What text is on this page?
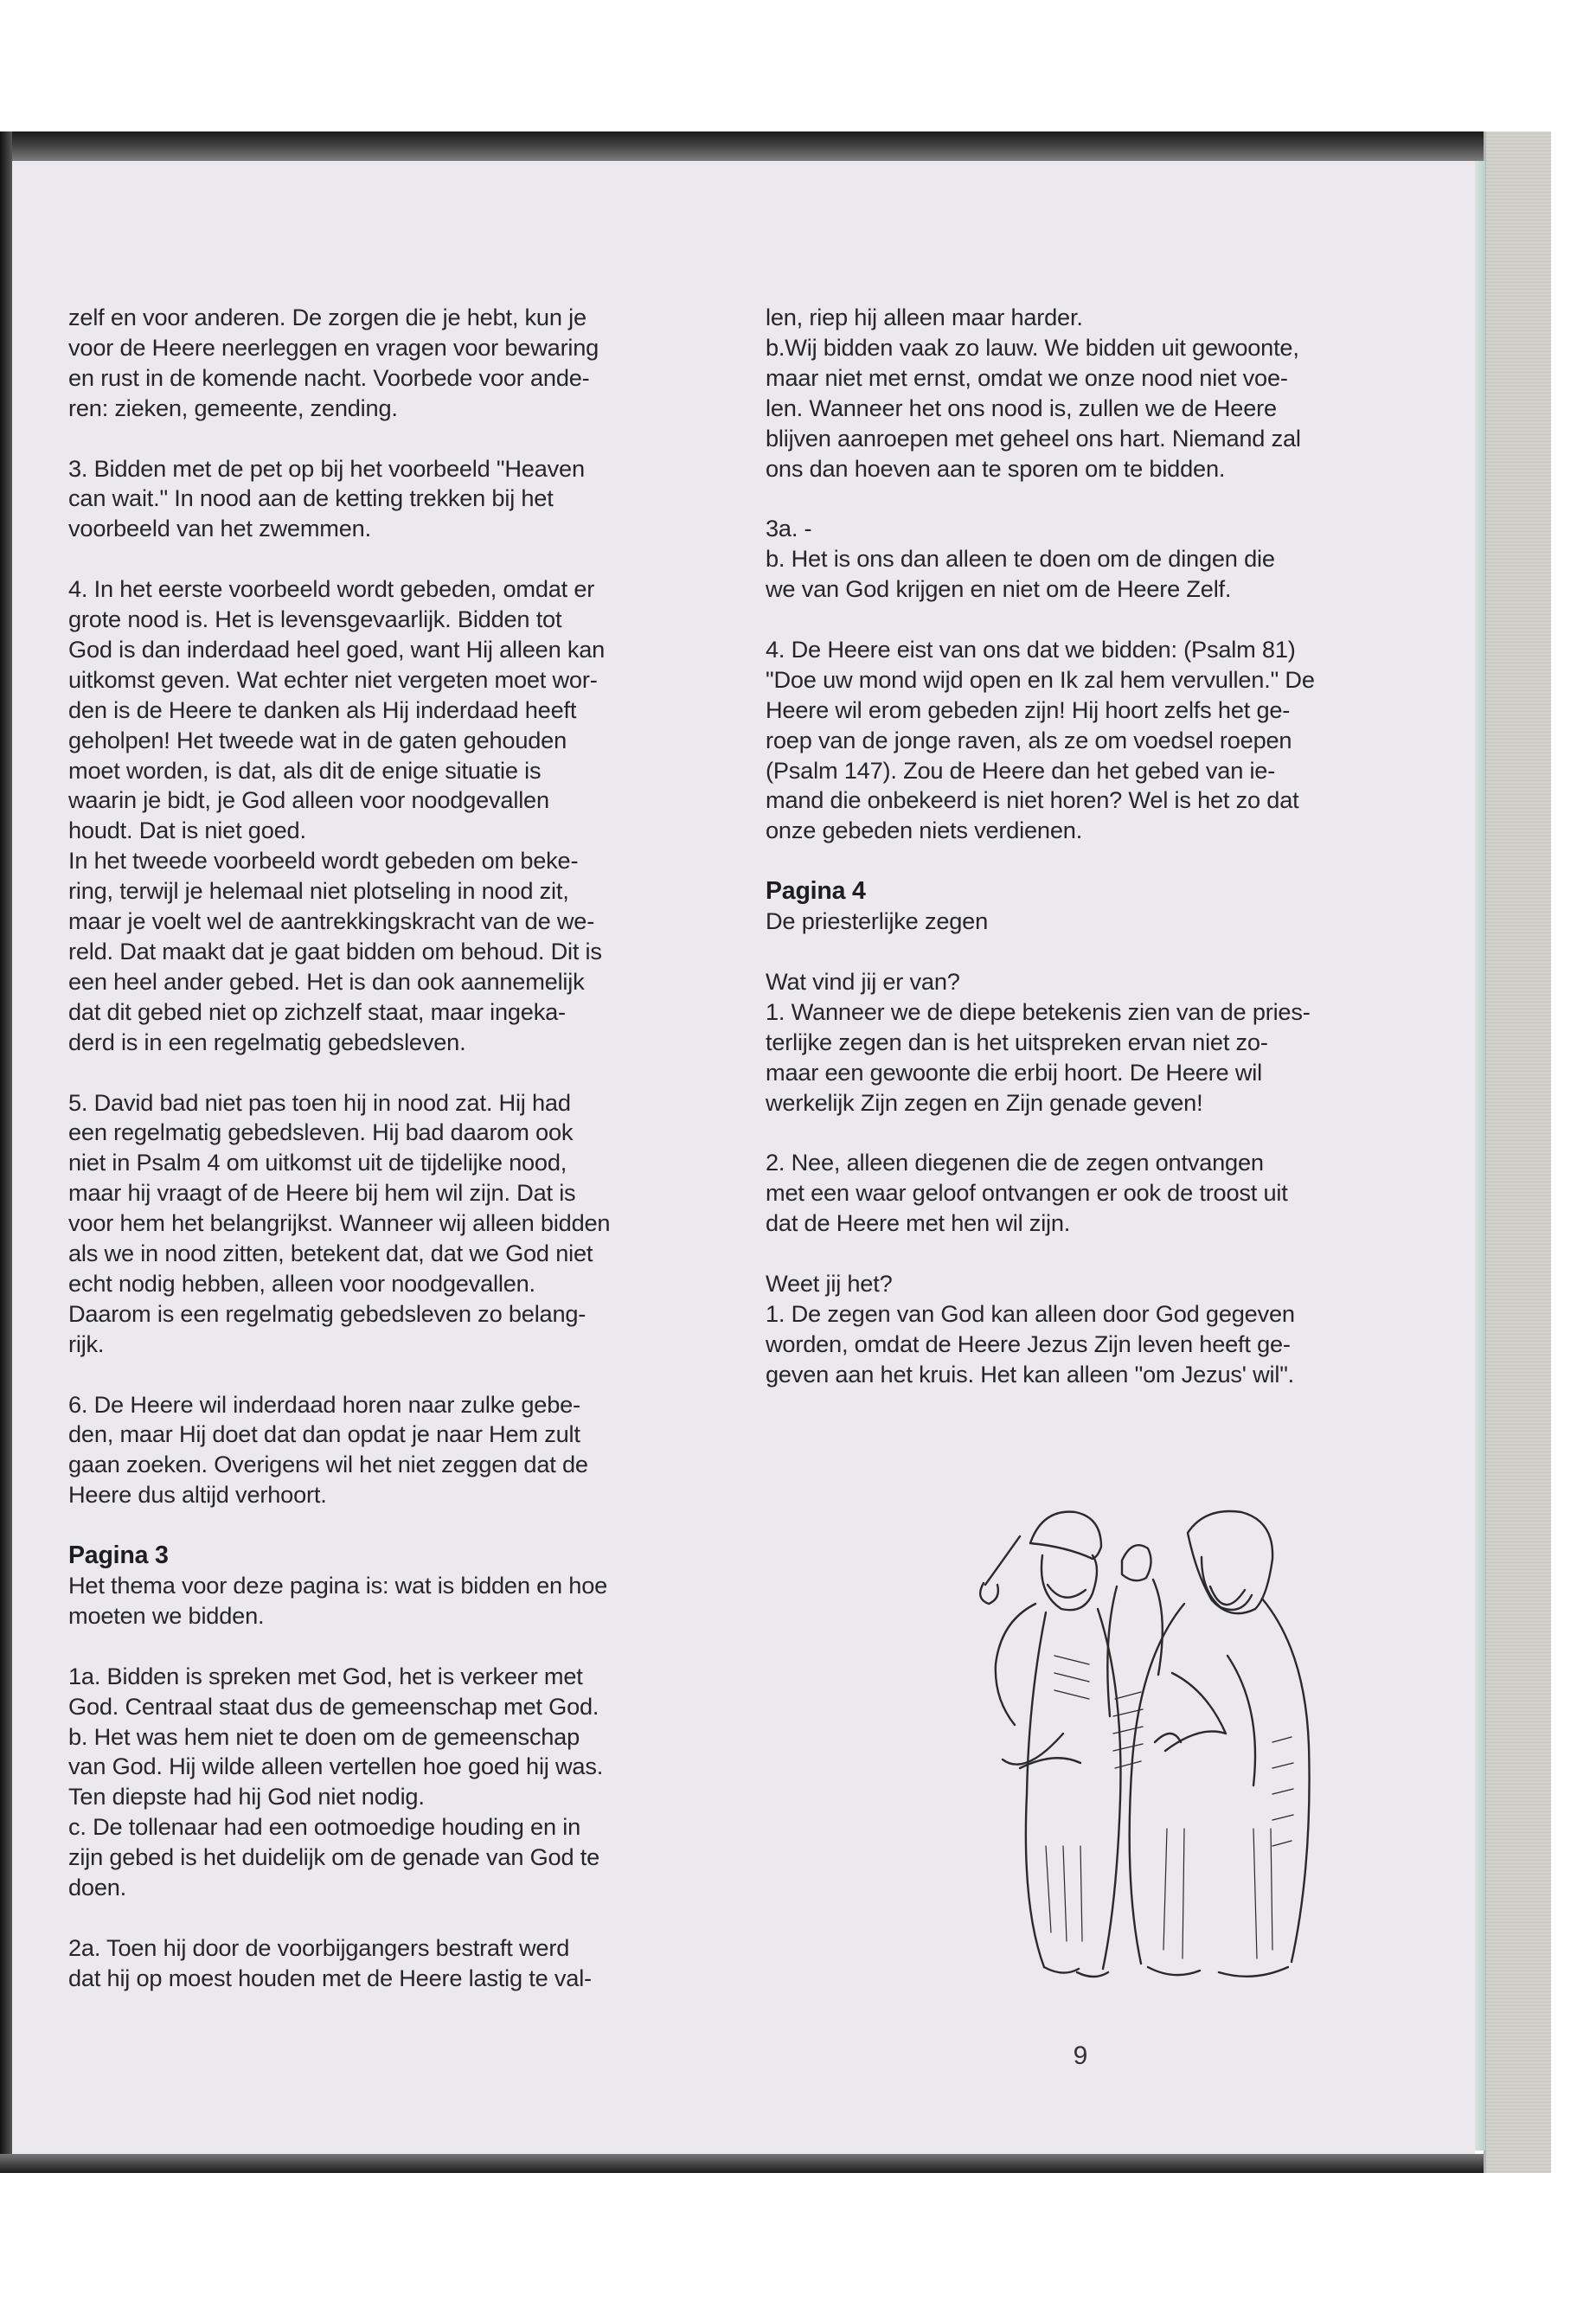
zelf en voor anderen. De zorgen die je hebt, kun je
voor de Heere neerleggen en vragen voor bewaring
en rust in de komende nacht. Voorbede voor ande-
ren: zieken, gemeente, zending.

3. Bidden met de pet op bij het voorbeeld "Heaven
can wait." In nood aan de ketting trekken bij het
voorbeeld van het zwemmen.

4. In het eerste voorbeeld wordt gebeden, omdat er
grote nood is. Het is levensgevaarlijk. Bidden tot
God is dan inderdaad heel goed, want Hij alleen kan
uitkomst geven. Wat echter niet vergeten moet wor-
den is de Heere te danken als Hij inderdaad heeft
geholpen! Het tweede wat in de gaten gehouden
moet worden, is dat, als dit de enige situatie is
waarin je bidt, je God alleen voor noodgevallen
houdt. Dat is niet goed.

In het tweede voorbeeld wordt gebeden om beke-
ring, terwijl je helemaal niet plotseling in nood zit,
maar je voelt wel de aantrekkingskracht van de we-
reld. Dat maakt dat je gaat bidden om behoud. Dit is
een heel ander gebed. Het is dan ook aannemelijk
dat dit gebed niet op zichzelf staat, maar ingeka-
derd is in een regelmatig gebedsleven.

5. David bad niet pas toen hij in nood zat. Hij had
een regelmatig gebedsleven. Hij bad daarom ook
niet in Psalm 4 om uitkomst uit de tijdelijke nood,
maar hij vraagt of de Heere bij hem wil zijn. Dat is
voor hem het belangrijkst. Wanneer wij alleen bidden
als we in nood zitten, betekent dat, dat we God niet
echt nodig hebben, alleen voor noodgevallen.
Daarom is een regelmatig gebedsleven zo belang-
rijk.

6. De Heere wil inderdaad horen naar zulke gebe-
den, maar Hij doet dat dan opdat je naar Hem zult
gaan zoeken. Overigens wil het niet zeggen dat de
Heere dus altijd verhoort.

Pagina 3

Het thema voor deze pagina is: wat is bidden en hoe
moeten we bidden.

1a. Bidden is spreken met God, het is verkeer met
God. Centraal staat dus de gemeenschap met God.
b. Het was hem niet te doen om de gemeenschap
van God. Hij wilde alleen vertellen hoe goed hij was.
Ten diepste had hij God niet nodig.
c. De tollenaar had een ootmoedige houding en in
zijn gebed is het duidelijk om de genade van God te
doen.

2a. Toen hij door de voorbijgangers bestraft werd
dat hij op moest houden met de Heere lastig te val-

len, riep hij alleen maar harder.
b.Wij bidden vaak zo lauw. We bidden uit gewoonte,
maar niet met ernst, omdat we onze nood niet voe-
len. Wanneer het ons nood is, zullen we de Heere
blijven aanroepen met geheel ons hart. Niemand zal
ons dan hoeven aan te sporen om te bidden.

3a. -
b. Het is ons dan alleen te doen om de dingen die
we van God krijgen en niet om de Heere Zelf.

4. De Heere eist van ons dat we bidden: (Psalm 81)
"Doe uw mond wijd open en Ik zal hem vervullen." De
Heere wil erom gebeden zijn! Hij hoort zelfs het ge-
roep van de jonge raven, als ze om voedsel roepen
(Psalm 147). Zou de Heere dan het gebed van ie-
mand die onbekeerd is niet horen? Wel is het zo dat
onze gebeden niets verdienen.

Pagina 4

De priesterlijke zegen

Wat vind jij er van?
1. Wanneer we de diepe betekenis zien van de pries-
terlijke zegen dan is het uitspreken ervan niet zo-
maar een gewoonte die erbij hoort. De Heere wil
werkelijk Zijn zegen en Zijn genade geven!

2. Nee, alleen diegenen die de zegen ontvangen
met een waar geloof ontvangen er ook de troost uit
dat de Heere met hen wil zijn.

Weet jij het?
1. De zegen van God kan alleen door God gegeven
worden, omdat de Heere Jezus Zijn leven heeft ge-
geven aan het kruis. Het kan alleen "om Jezus' wil".

9
